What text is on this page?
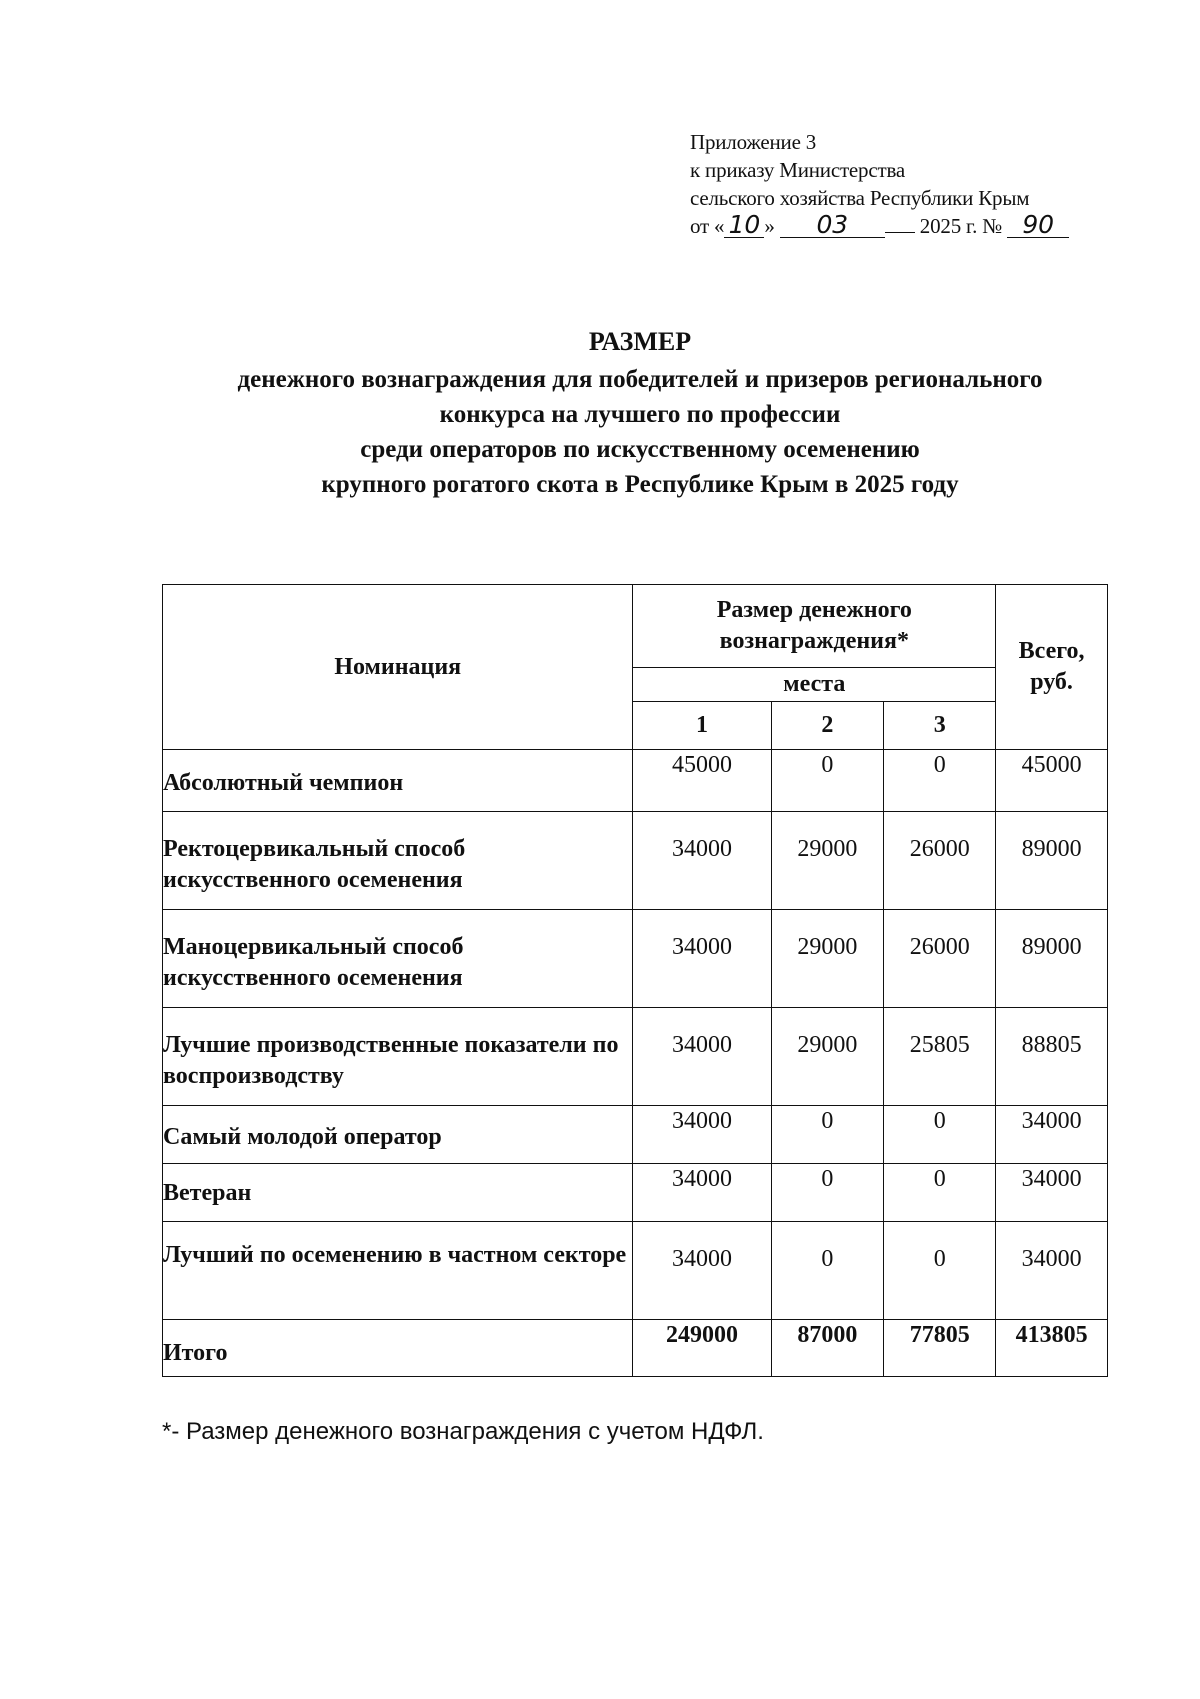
Приложение 3
к приказу Министерства
сельского хозяйства Республики Крым
от « 10 » 03	2025 г. № 90
РАЗМЕР
денежного вознаграждения для победителей и призеров регионального
конкурса на лучшего по профессии
среди операторов по искусственному осеменению
крупного рогатого скота в Республике Крым в 2025 году
Номинация	Размер денежного вознаграждения*			Всего, руб.
	места			
	1	2	3	
Абсолютный чемпион	45000	0	0	45000
Ректоцервикальный способ искусственного осеменения	34000	29000	26000	89000
Маноцервикальный способ искусственного осеменения	34000	29000	26000	89000
Лучшие производственные показатели по воспроизводству	34000	29000	25805	88805
Самый молодой оператор	34000	0	0	34000
Ветеран	34000	0	0	34000
Лучший по осеменению в частном секторе	34000	0	0	34000
Итого	249000	87000	77805	413805
*- Размер денежного вознаграждения с учетом НДФЛ.
